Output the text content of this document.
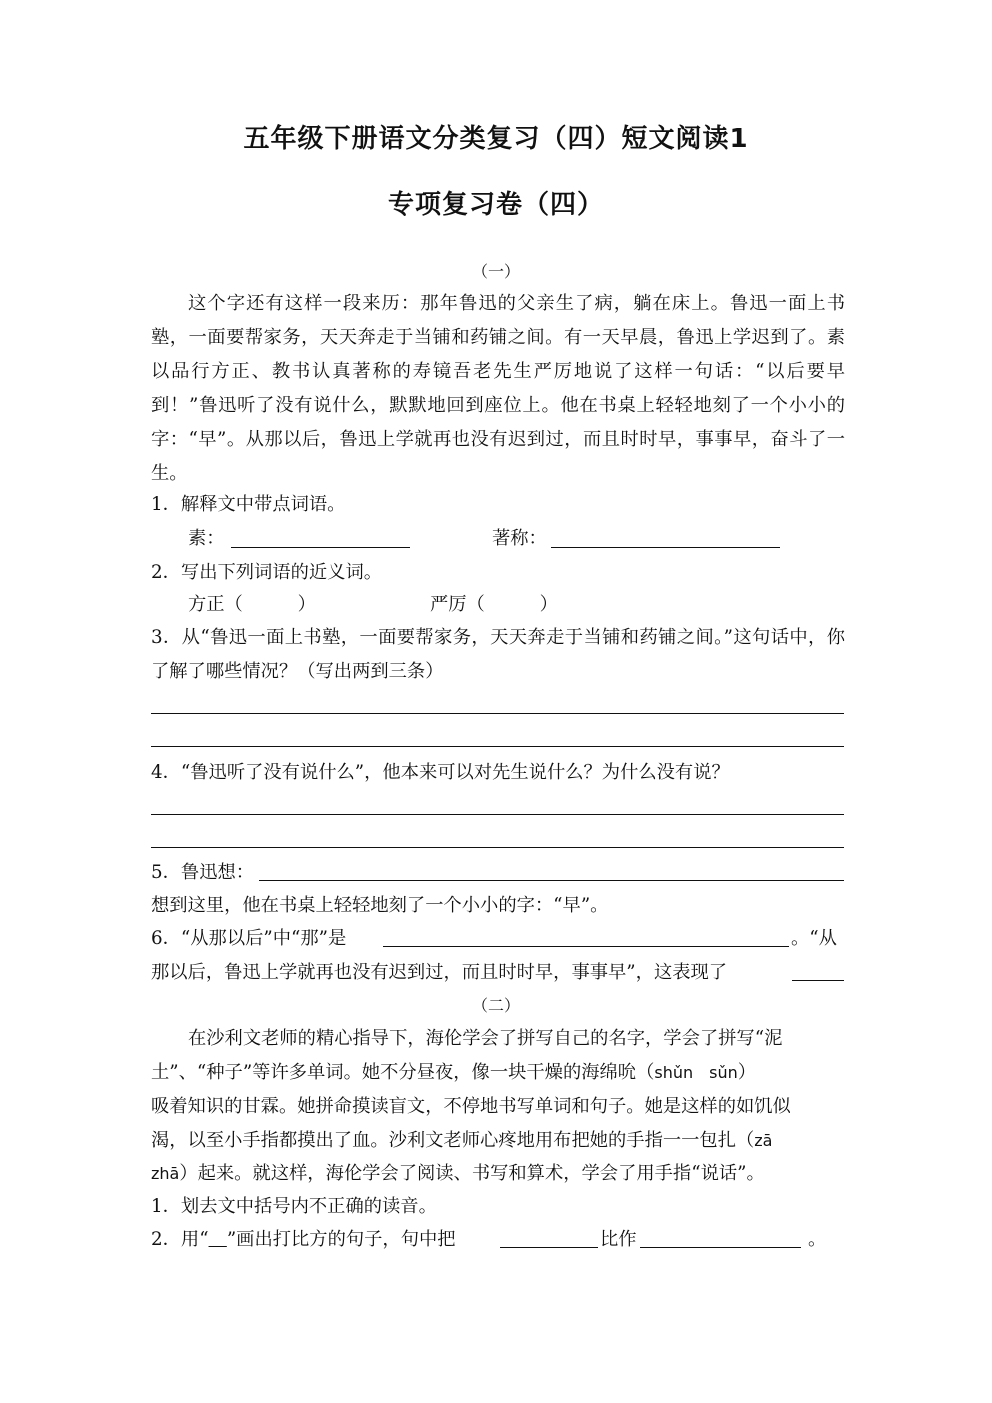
五年级下册语文分类复习（四）短文阅读1
专项复习卷（四）
（一）

这个字还有这样一段来历：那年鲁迅的父亲生了病，躺在床上。鲁迅一面上书塾，一面要帮家务，天天奔走于当铺和药铺之间。有一天早晨，鲁迅上学迟到了。素以品行方正、教书认真著称的寿镜吾老先生严厉地说了这样一句话：“以后要早到！”鲁迅听了没有说什么，默默地回到座位上。他在书桌上轻轻地刻了一个小小的字：“早”。从那以后，鲁迅上学就再也没有迟到过，而且时时早，事事早，奋斗了一生。

1．解释文中带点词语。
素：	著称：
2．写出下列词语的近义词。
方正（　　　）	严厉（　　　）

3．从“鲁迅一面上书塾，一面要帮家务，天天奔走于当铺和药铺之间。”这句话中，你了解了哪些情况？（写出两到三条）

4．“鲁迅听了没有说什么”，他本来可以对先生说什么？为什么没有说？
5．鲁迅想：
想到这里，他在书桌上轻轻地刻了一个小小的字：“早”。
6．“从那以后”中“那”是	。“从
那以后，鲁迅上学就再也没有迟到过，而且时时早，事事早”，这表现了
（二）
在沙利文老师的精心指导下，海伦学会了拼写自己的名字，学会了拼写“泥
土”、“种子”等许多单词。她不分昼夜，像一块干燥的海绵吮（shǔn　sǔn）
吸着知识的甘霖。她拼命摸读盲文，不停地书写单词和句子。她是这样的如饥似
渴，以至小手指都摸出了血。沙利文老师心疼地用布把她的手指一一包扎（zā
zhā）起来。就这样，海伦学会了阅读、书写和算术，学会了用手指“说话”。
1．划去文中括号内不正确的读音。
2．用“　 ”画出打比方的句子，句中把	比作	。
